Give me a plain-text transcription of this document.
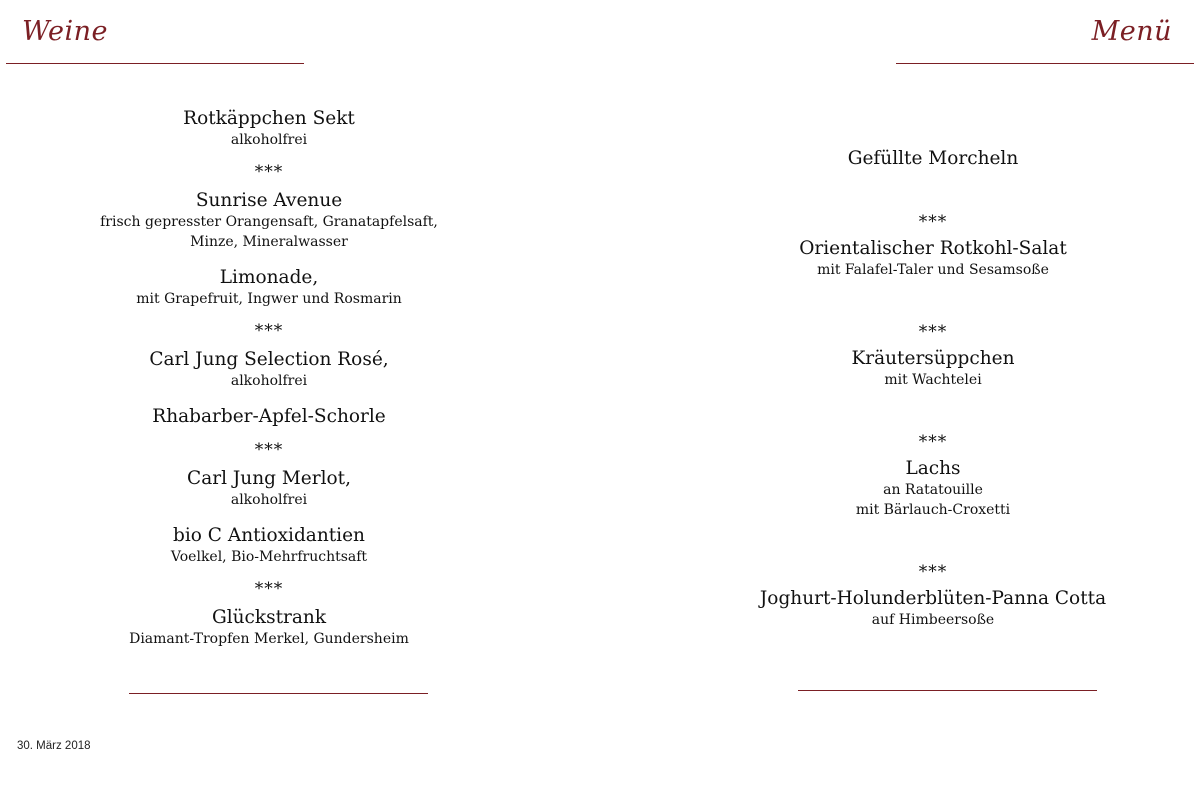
Weine	Menü
Rotkäppchen Sekt
alkoholfrei
***
Sunrise Avenue
frisch gepresster Orangensaft, Granatapfelsaft,
Minze, Mineralwasser
Limonade,
mit Grapefruit, Ingwer und Rosmarin
***
Carl Jung Selection Rosé,
alkoholfrei
Rhabarber-Apfel-Schorle
***
Carl Jung Merlot,
alkoholfrei
bio C Antioxidantien
Voelkel, Bio-Mehrfruchtsaft
***
Glückstrank
Diamant-Tropfen Merkel, Gundersheim
Gefüllte Morcheln
***
Orientalischer Rotkohl-Salat
mit Falafel-Taler und Sesamsoße
***
Kräutersüppchen
mit Wachtelei
***
Lachs
an Ratatouille
mit Bärlauch-Croxetti
***
Joghurt-Holunderblüten-Panna Cotta
auf Himbeersoße
30. März 2018
